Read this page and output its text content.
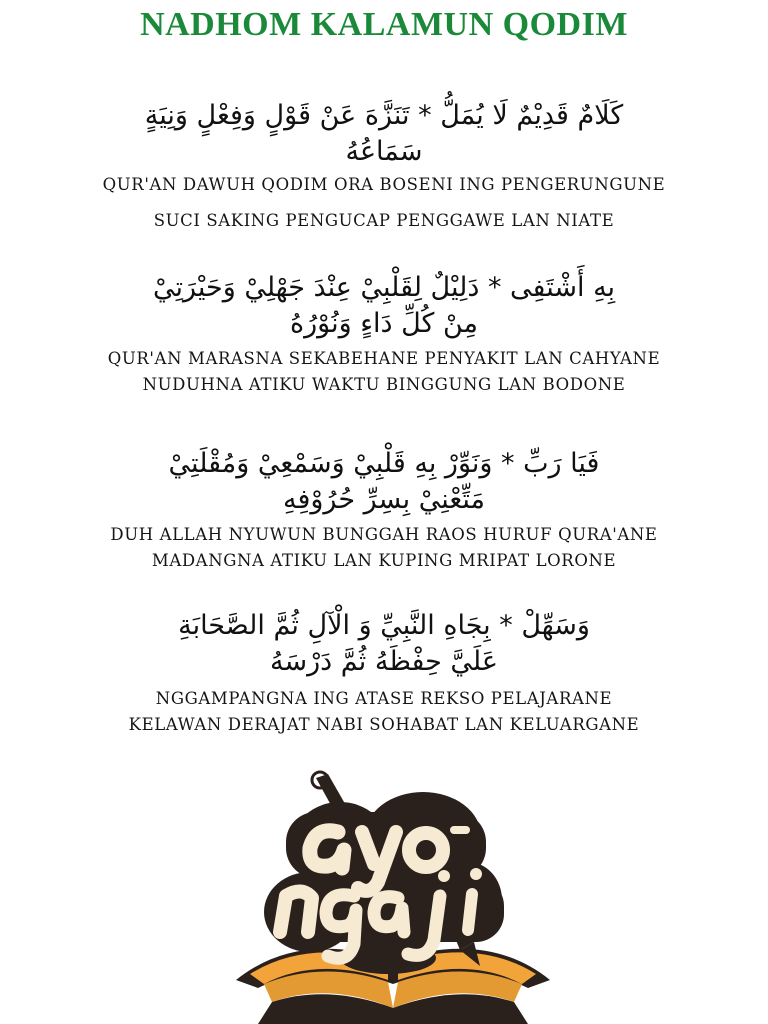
NADHOM KALAMUN QODIM
كَلَامٌ قَدِيْمٌ لَا يُمَلُّ * تَنَزَّهَ عَنْ قَوْلٍ وَفِعْلٍ وَنِيَةٍ
سَمَاعُهُ
QUR'AN DAWUH QODIM ORA BOSENI ING PENGERUNGUNE
SUCI SAKING PENGUCAP PENGGAWE LAN NIATE
بِهِ أَشْتَفِى * دَلِيْلٌ لِقَلْبِيْ عِنْدَ جَهْلِيْ وَحَيْرَتِيْ
مِنْ كُلِّ دَاءٍ وَنُوْرُهُ
QUR'AN MARASNA SEKABEHANE PENYAKIT LAN CAHYANE
NUDUHNA ATIKU WAKTU BINGGUNG LAN BODONE
فَيَا رَبِّ * وَنَوِّرْ بِهِ قَلْبِيْ وَسَمْعِيْ وَمُقْلَتِيْ
مَتِّعْنِيْ بِسِرِّ حُرُوْفِهِ
DUH ALLAH NYUWUN BUNGGAH RAOS HURUF QURA'ANE
MADANGNA ATIKU LAN KUPING MRIPAT LORONE
وَسَهِّلْ * بِجَاهِ النَّبِيِّ وَ الْآلِ ثُمَّ الصَّحَابَةِ
عَلَيَّ حِفْظَهُ ثُمَّ دَرْسَهُ
NGGAMPANGNA ING ATASE REKSO PELAJARANE
KELAWAN DERAJAT NABI SOHABAT LAN KELUARGANE
